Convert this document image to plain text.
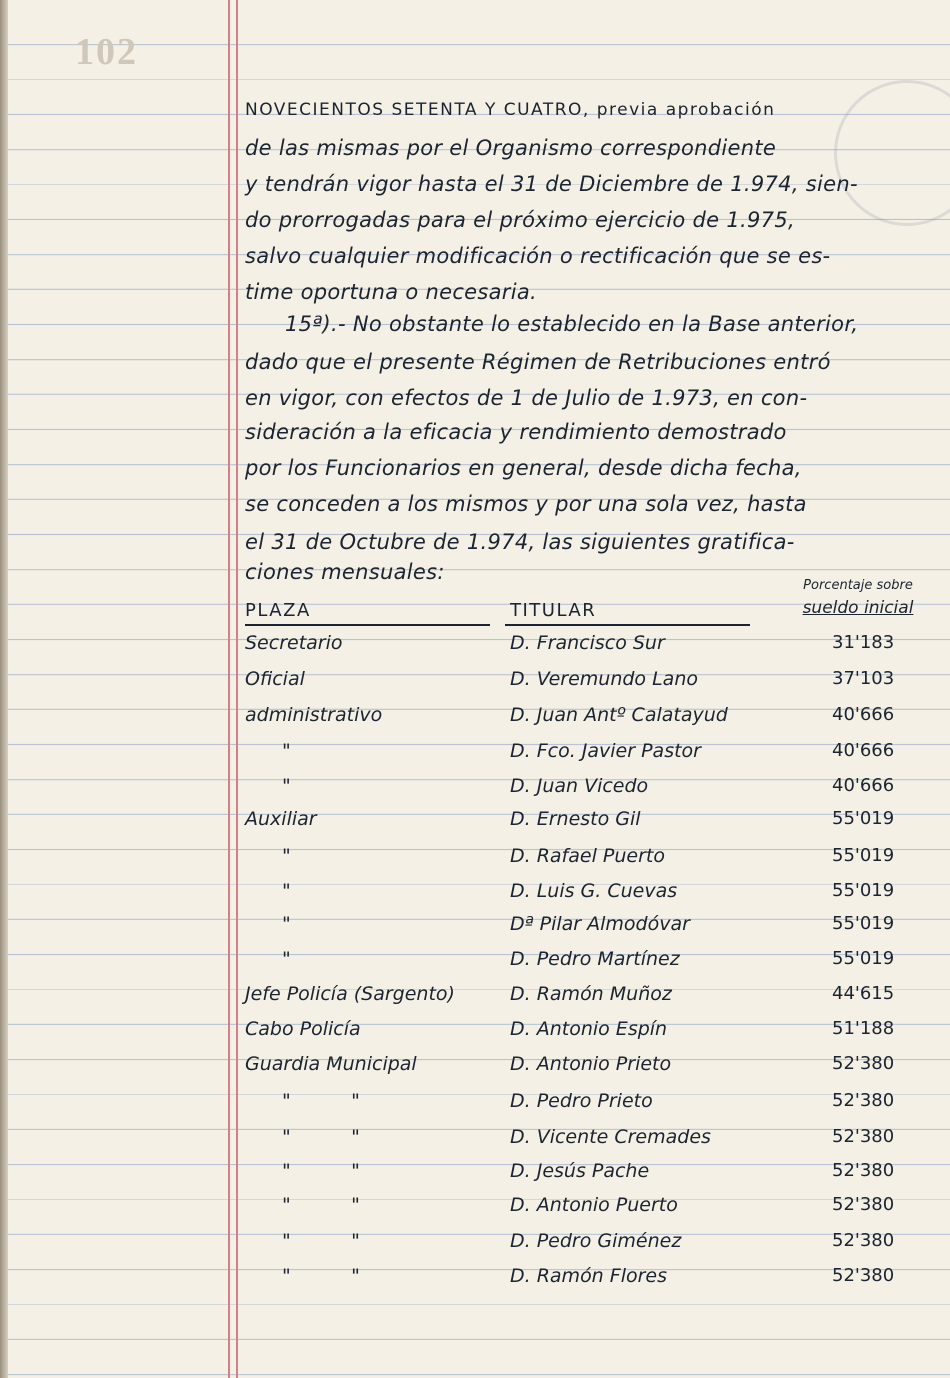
102
NOVECIENTOS SETENTA Y CUATRO, previa aprobación
de las mismas por el Organismo correspondiente
y tendrán vigor hasta el 31 de Diciembre de 1.974, sien-
do prorrogadas para el próximo ejercicio de 1.975,
salvo cualquier modificación o rectificación que se es-
time oportuna o necesaria.
15ª).- No obstante lo establecido en la Base anterior,
dado que el presente Régimen de Retribuciones entró
en vigor, con efectos de 1 de Julio de 1.973, en con-
sideración a la eficacia y rendimiento demostrado
por los Funcionarios en general, desde dicha fecha,
se conceden a los mismos y por una sola vez, hasta
el 31 de Octubre de 1.974, las siguientes gratifica-
ciones mensuales:
PLAZA	TITULAR
Porcentaje sobre
sueldo inicial
Secretario	D. Francisco Sur	31'183
Oficial	D. Veremundo Lano	37'103
administrativo	D. Juan Antº Calatayud	40'666
"	D. Fco. Javier Pastor	40'666
"	D. Juan Vicedo	40'666
Auxiliar	D. Ernesto Gil	55'019
"	D. Rafael Puerto	55'019
"	D. Luis G. Cuevas	55'019
"	Dª Pilar Almodóvar	55'019
"	D. Pedro Martínez	55'019
Jefe Policía (Sargento)	D. Ramón Muñoz	44'615
Cabo Policía	D. Antonio Espín	51'188
Guardia Municipal	D. Antonio Prieto	52'380
"          "	D. Pedro Prieto	52'380
"          "	D. Vicente Cremades	52'380
"          "	D. Jesús Pache	52'380
"          "	D. Antonio Puerto	52'380
"          "	D. Pedro Giménez	52'380
"          "	D. Ramón Flores	52'380
